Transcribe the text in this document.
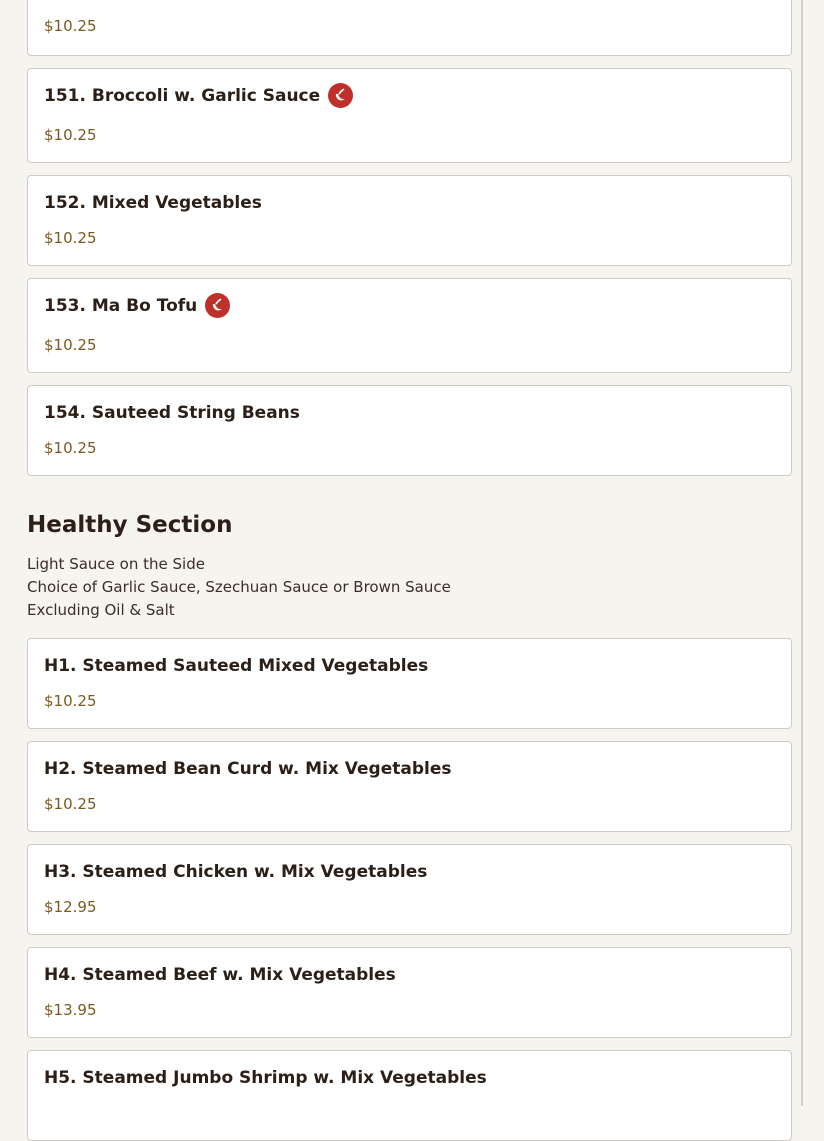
$10.25
151. Broccoli w. Garlic Sauce
$10.25
152. Mixed Vegetables
$10.25
153. Ma Bo Tofu
$10.25
154. Sauteed String Beans
$10.25
Healthy Section
Light Sauce on the Side
Choice of Garlic Sauce, Szechuan Sauce or Brown Sauce
Excluding Oil & Salt
H1. Steamed Sauteed Mixed Vegetables
$10.25
H2. Steamed Bean Curd w. Mix Vegetables
$10.25
H3. Steamed Chicken w. Mix Vegetables
$12.95
H4. Steamed Beef w. Mix Vegetables
$13.95
H5. Steamed Jumbo Shrimp w. Mix Vegetables
